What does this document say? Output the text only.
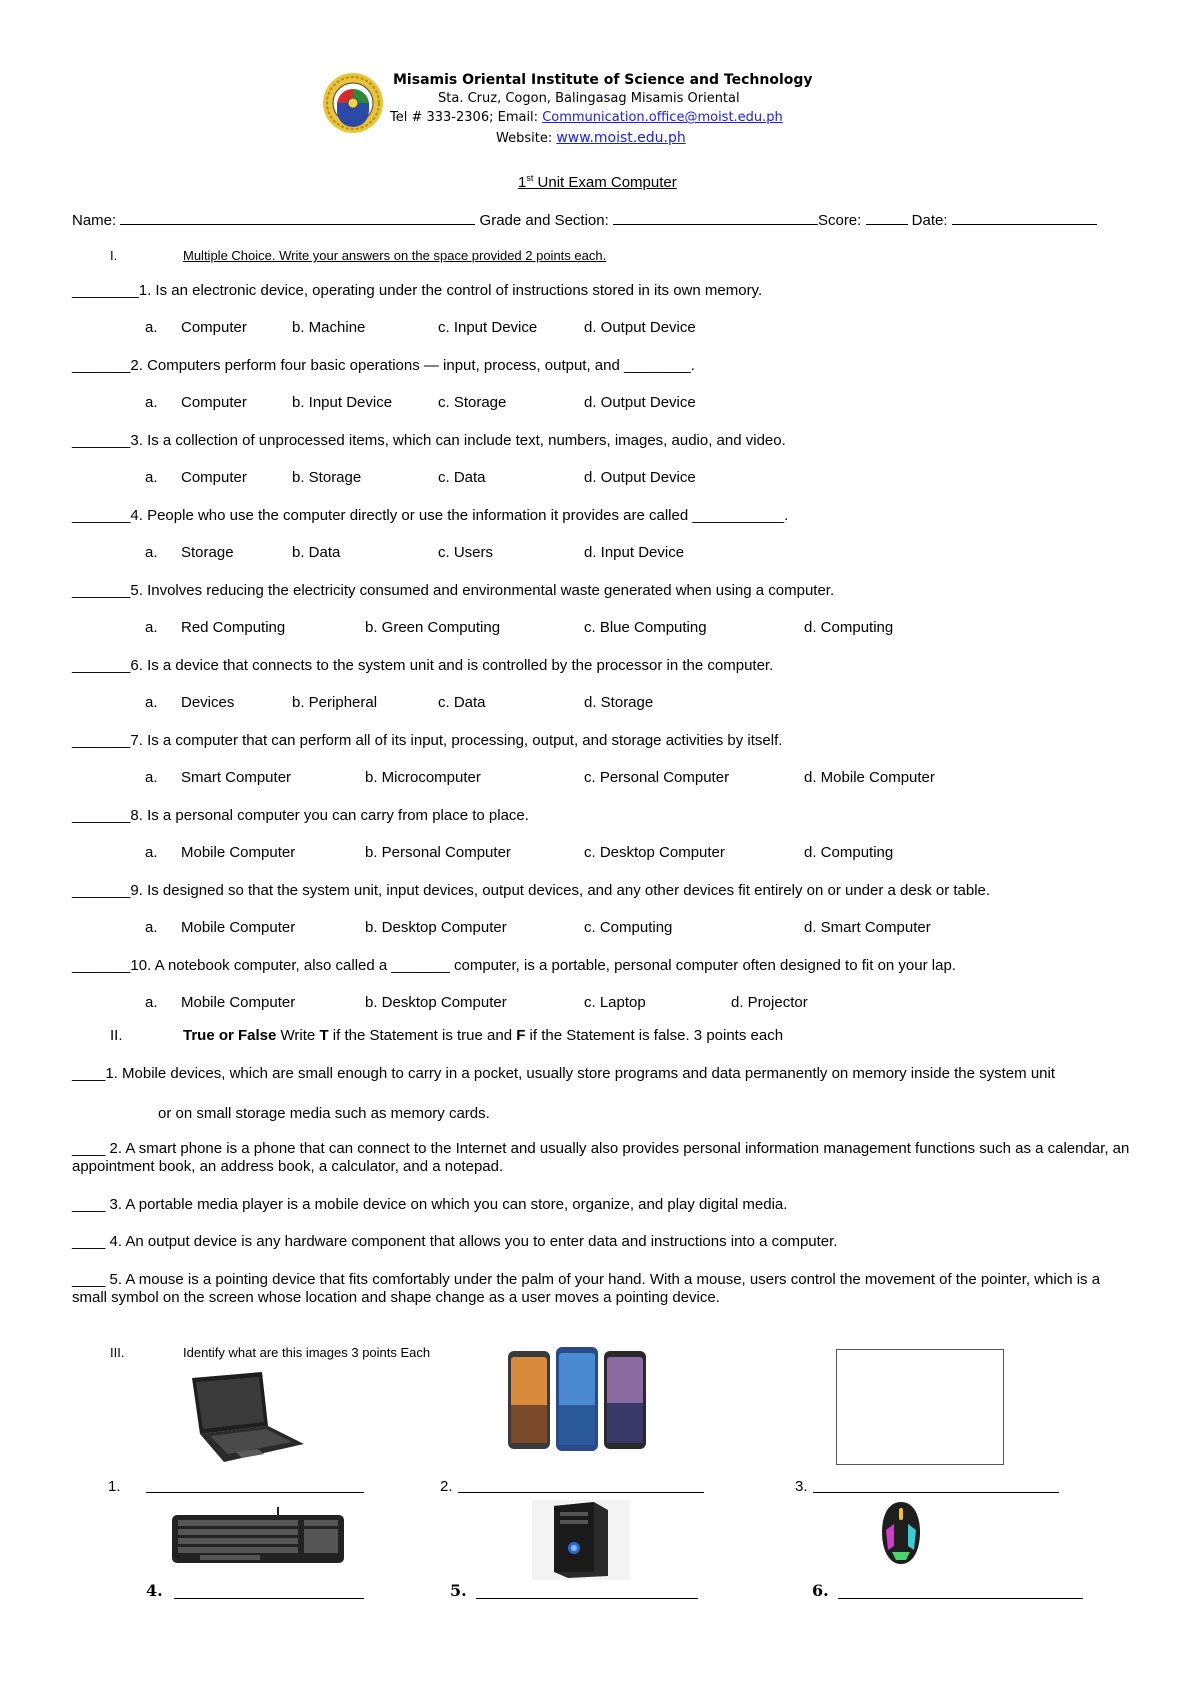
Misamis Oriental Institute of Science and Technology
Sta. Cruz, Cogon, Balingasag Misamis Oriental
Tel # 333-2306; Email: Communication.office@moist.edu.ph
Website: www.moist.edu.ph
1st Unit Exam Computer
Name:	Grade and Section:	Score:	Date:
I.	Multiple Choice. Write your answers on the space provided 2 points each.
________1. Is an electronic device, operating under the control of instructions stored in its own memory.
a. Computer	b. Machine	c. Input Device	d. Output Device
_______2. Computers perform four basic operations — input, process, output, and ________.
a. Computer	b. Input Device	c. Storage	d. Output Device
_______3. Is a collection of unprocessed items, which can include text, numbers, images, audio, and video.
a. Computer	b. Storage	c. Data	d. Output Device
_______4. People who use the computer directly or use the information it provides are called ___________.
a. Storage	b. Data	c. Users	d. Input Device
_______5. Involves reducing the electricity consumed and environmental waste generated when using a computer.
a. Red Computing	b. Green Computing	c. Blue Computing	d. Computing
_______6. Is a device that connects to the system unit and is controlled by the processor in the computer.
a. Devices	b. Peripheral	c. Data	d. Storage
_______7. Is a computer that can perform all of its input, processing, output, and storage activities by itself.
a. Smart Computer	b. Microcomputer	c. Personal Computer	d. Mobile Computer
_______8. Is a personal computer you can carry from place to place.
a. Mobile Computer	b. Personal Computer	c. Desktop Computer	d. Computing
_______9. Is designed so that the system unit, input devices, output devices, and any other devices fit entirely on or under a desk or table.
a. Mobile Computer	b. Desktop Computer	c. Computing	d. Smart Computer
_______10. A notebook computer, also called a _______ computer, is a portable, personal computer often designed to fit on your lap.
a. Mobile Computer	b. Desktop Computer	c. Laptop	d. Projector
II.	True or False Write T if the Statement is true and F if the Statement is false. 3 points each
____1. Mobile devices, which are small enough to carry in a pocket, usually store programs and data permanently on memory inside the system unit
or on small storage media such as memory cards.
____ 2. A smart phone is a phone that can connect to the Internet and usually also provides personal information management functions such as a calendar, an appointment book, an address book, a calculator, and a notepad.
____ 3. A portable media player is a mobile device on which you can store, organize, and play digital media.
____ 4. An output device is any hardware component that allows you to enter data and instructions into a computer.
____ 5. A mouse is a pointing device that fits comfortably under the palm of your hand. With a mouse, users control the movement of the pointer, which is a small symbol on the screen whose location and shape change as a user moves a pointing device.
III.	Identify what are this images 3 points Each
1.	2.	3.
4.	5.	6.
